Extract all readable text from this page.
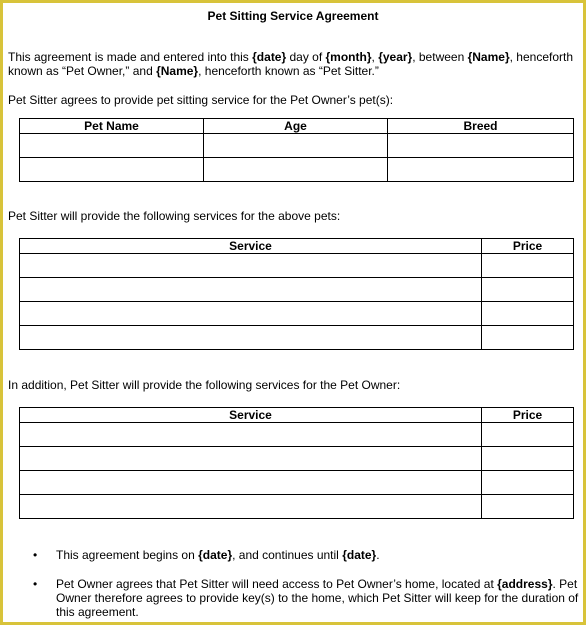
Pet Sitting Service Agreement
This agreement is made and entered into this {date} day of {month}, {year}, between {Name}, henceforth known as “Pet Owner,” and {Name}, henceforth known as “Pet Sitter.”
Pet Sitter agrees to provide pet sitting service for the Pet Owner’s pet(s):
Pet Name	Age	Breed

Pet Sitter will provide the following services for the above pets:
Service	Price

In addition, Pet Sitter will provide the following services for the Pet Owner:
Service	Price

• This agreement begins on {date}, and continues until {date}.
• Pet Owner agrees that Pet Sitter will need access to Pet Owner’s home, located at {address}. Pet Owner therefore agrees to provide key(s) to the home, which Pet Sitter will keep for the duration of this agreement.
